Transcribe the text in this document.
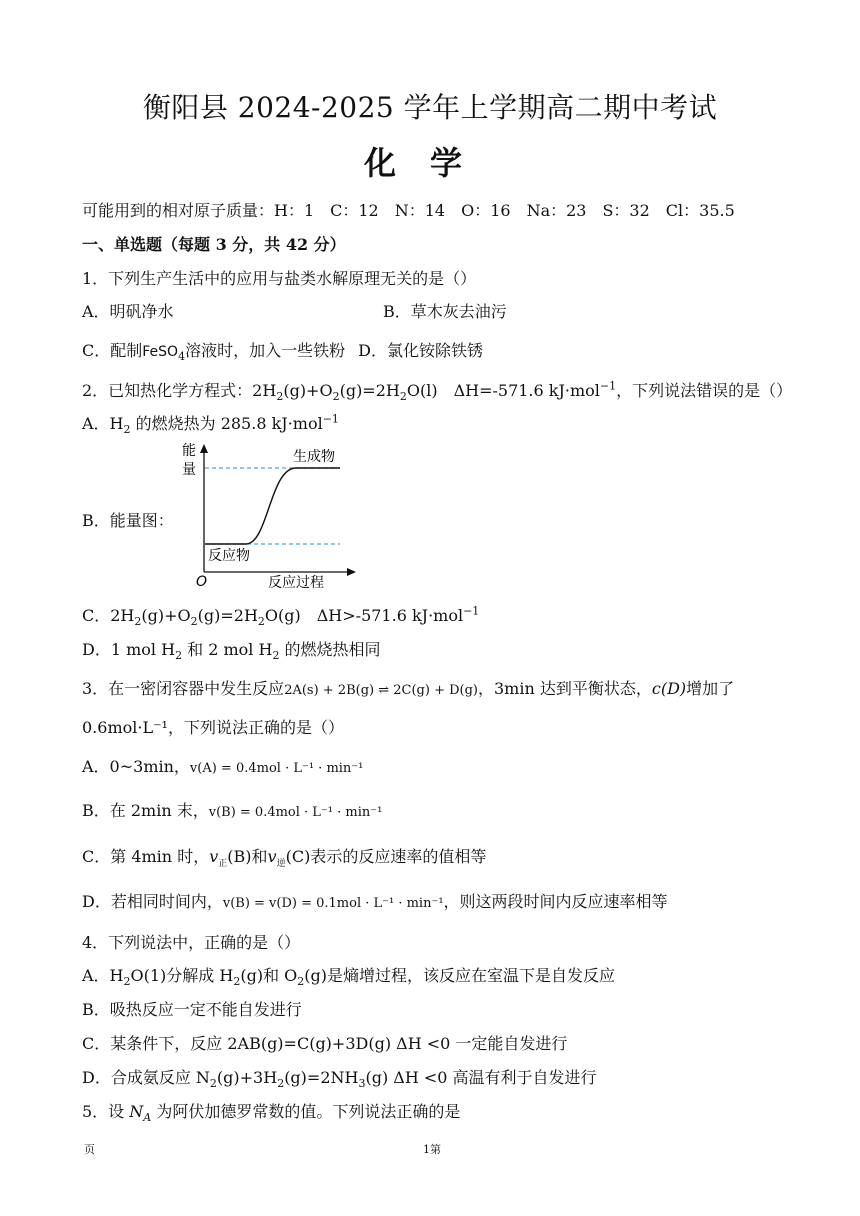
衡阳县 2024-2025 学年上学期高二期中考试
化学
可能用到的相对原子质量：H：1　C：12　N：14　O：16　Na：23　S：32　Cl：35.5
一、单选题（每题 3 分，共 42 分）
1．下列生产生活中的应用与盐类水解原理无关的是（）
A．明矾净水	B．草木灰去油污
C．配制FeSO$_4$溶液时，加入一些铁粉 D．氯化铵除铁锈
2．已知热化学方程式：$2H_2(g)+O_2(g)=2H_2O(l)$　ΔH=-571.6 kJ·mol$^{-1}$，下列说法错误的是（）
A．$H_2$ 的燃烧热为 285.8 kJ·mol$^{-1}$
B．能量图：
能
量
生成物
反应物
O	反应过程
C．$2H_2(g)+O_2(g)=2H_2O(g)$　ΔH>-571.6 kJ·mol$^{-1}$
D．1 mol $H_2$ 和 2 mol $H_2$ 的燃烧热相同
3．在一密闭容器中发生反应2A(s) + 2B(g) ⇌ 2C(g) + D(g)，3min 达到平衡状态，c(D)增加了
0.6mol·L⁻¹，下列说法正确的是（）
A．0~3min，v(A) = 0.4mol · L⁻¹ · min⁻¹
B．在 2min 末，v(B) = 0.4mol · L⁻¹ · min⁻¹
C．第 4min 时，$v_正(B)$和$v_逆(C)$表示的反应速率的值相等
D．若相同时间内，v(B) = v(D) = 0.1mol · L⁻¹ · min⁻¹，则这两段时间内反应速率相等
4．下列说法中，正确的是（）
A．$H_2O(1)$分解成 $H_2(g)$和 $O_2(g)$是熵增过程，该反应在室温下是自发反应
B．吸热反应一定不能自发进行
C．某条件下，反应 2AB(g)=C(g)+3D(g) ΔH <0 一定能自发进行
D．合成氨反应 $N_2(g)+3H_2(g)=2NH_3(g)$ ΔH <0 高温有利于自发进行
5．设 $N_A$ 为阿伏加德罗常数的值。下列说法正确的是
页	1第
